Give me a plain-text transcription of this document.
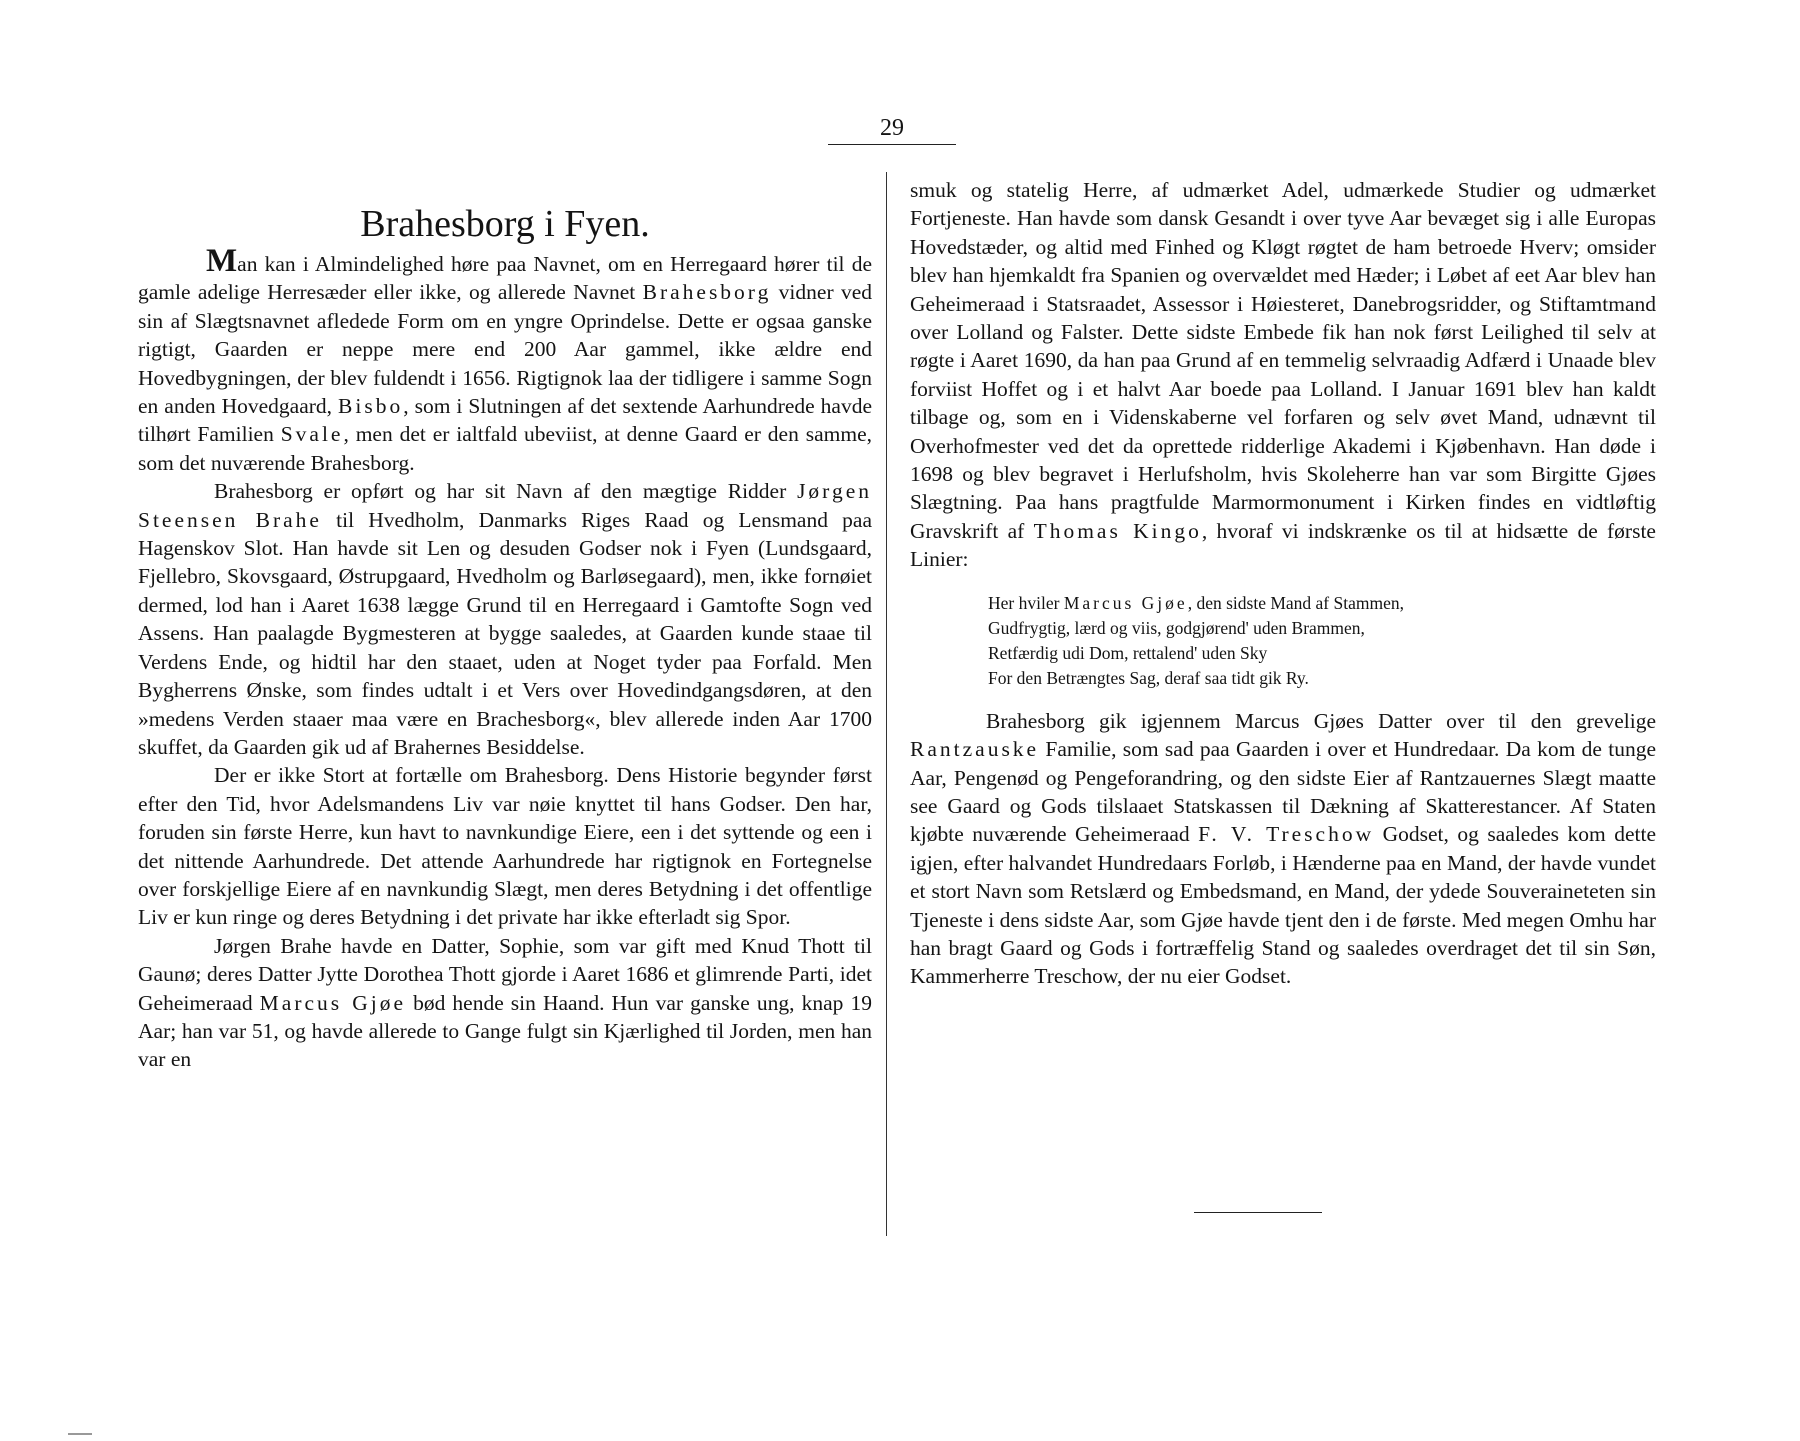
29
Brahesborg i Fyen.

Man kan i Almindelighed høre paa Navnet, om en Herregaard hører til de gamle adelige Herresæder eller ikke, og allerede Navnet Brahesborg vidner ved sin af Slægtsnavnet afledede Form om en yngre Oprindelse. Dette er ogsaa ganske rigtigt, Gaarden er neppe mere end 200 Aar gammel, ikke ældre end Hovedbygningen, der blev fuldendt i 1656. Rigtignok laa der tidligere i samme Sogn en anden Hovedgaard, Bisbo, som i Slutningen af det sextende Aarhundrede havde tilhørt Familien Svale, men det er ialtfald ubeviist, at denne Gaard er den samme, som det nuværende Brahesborg.

Brahesborg er opført og har sit Navn af den mægtige Ridder Jørgen Steensen Brahe til Hvedholm, Danmarks Riges Raad og Lensmand paa Hagenskov Slot. Han havde sit Len og desuden Godser nok i Fyen (Lundsgaard, Fjellebro, Skovsgaard, Østrupgaard, Hvedholm og Barløsegaard), men, ikke fornøiet dermed, lod han i Aaret 1638 lægge Grund til en Herregaard i Gamtofte Sogn ved Assens. Han paalagde Bygmesteren at bygge saaledes, at Gaarden kunde staae til Verdens Ende, og hidtil har den staaet, uden at Noget tyder paa Forfald. Men Bygherrens Ønske, som findes udtalt i et Vers over Hovedindgangsdøren, at den »medens Verden staaer maa være en Brachesborg«, blev allerede inden Aar 1700 skuffet, da Gaarden gik ud af Brahernes Besiddelse.

Der er ikke Stort at fortælle om Brahesborg. Dens Historie begynder først efter den Tid, hvor Adelsmandens Liv var nøie knyttet til hans Godser. Den har, foruden sin første Herre, kun havt to navnkundige Eiere, een i det syttende og een i det nittende Aarhundrede. Det attende Aarhundrede har rigtignok en Fortegnelse over forskjellige Eiere af en navnkundig Slægt, men deres Betydning i det offentlige Liv er kun ringe og deres Betydning i det private har ikke efterladt sig Spor.

Jørgen Brahe havde en Datter, Sophie, som var gift med Knud Thott til Gaunø; deres Datter Jytte Dorothea Thott gjorde i Aaret 1686 et glimrende Parti, idet Geheimeraad Marcus Gjøe bød hende sin Haand. Hun var ganske ung, knap 19 Aar; han var 51, og havde allerede to Gange fulgt sin Kjærlighed til Jorden, men han var en

smuk og statelig Herre, af udmærket Adel, udmærkede Studier og udmærket Fortjeneste. Han havde som dansk Gesandt i over tyve Aar bevæget sig i alle Europas Hovedstæder, og altid med Finhed og Kløgt røgtet de ham betroede Hverv; omsider blev han hjemkaldt fra Spanien og overvældet med Hæder; i Løbet af eet Aar blev han Geheimeraad i Statsraadet, Assessor i Høiesteret, Danebrogsridder, og Stiftamtmand over Lolland og Falster. Dette sidste Embede fik han nok først Leilighed til selv at røgte i Aaret 1690, da han paa Grund af en temmelig selvraadig Adfærd i Unaade blev forviist Hoffet og i et halvt Aar boede paa Lolland. I Januar 1691 blev han kaldt tilbage og, som en i Videnskaberne vel forfaren og selv øvet Mand, udnævnt til Overhofmester ved det da oprettede ridderlige Akademi i Kjøbenhavn. Han døde i 1698 og blev begravet i Herlufsholm, hvis Skoleherre han var som Birgitte Gjøes Slægtning. Paa hans pragtfulde Marmormonument i Kirken findes en vidtløftig Gravskrift af Thomas Kingo, hvoraf vi indskrænke os til at hidsætte de første Linier:

Her hviler Marcus Gjøe, den sidste Mand af Stammen,
Gudfrygtig, lærd og viis, godgjørend' uden Brammen,
Retfærdig udi Dom, rettalend' uden Sky
For den Betrængtes Sag, deraf saa tidt gik Ry.

Brahesborg gik igjennem Marcus Gjøes Datter over til den grevelige Rantzauske Familie, som sad paa Gaarden i over et Hundredaar. Da kom de tunge Aar, Pengenød og Pengeforandring, og den sidste Eier af Rantzauernes Slægt maatte see Gaard og Gods tilslaaet Statskassen til Dækning af Skatterestancer. Af Staten kjøbte nuværende Geheimeraad F. V. Treschow Godset, og saaledes kom dette igjen, efter halvandet Hundredaars Forløb, i Hænderne paa en Mand, der havde vundet et stort Navn som Retslærd og Embedsmand, en Mand, der ydede Souveraineteten sin Tjeneste i dens sidste Aar, som Gjøe havde tjent den i de første. Med megen Omhu har han bragt Gaard og Gods i fortræffelig Stand og saaledes overdraget det til sin Søn, Kammerherre Treschow, der nu eier Godset.
